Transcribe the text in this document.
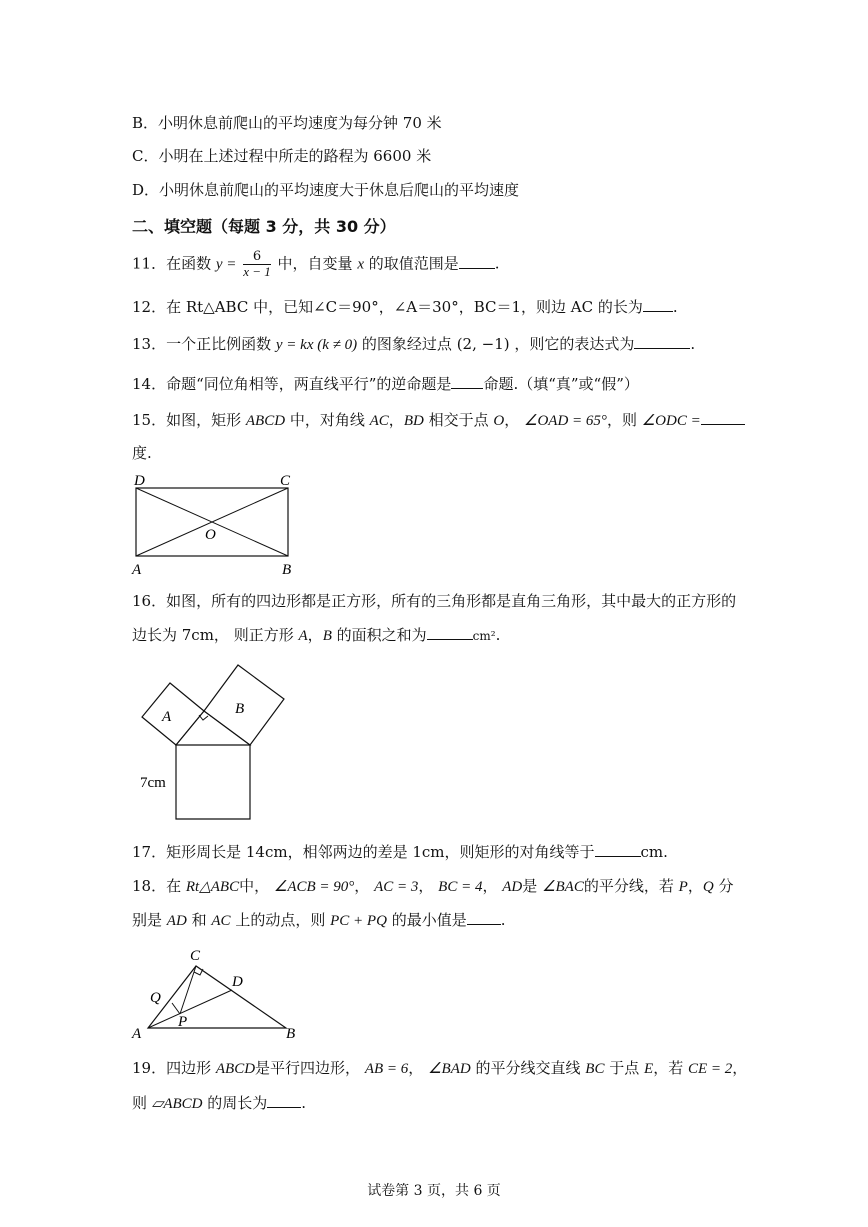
B．小明休息前爬山的平均速度为每分钟 70 米
C．小明在上述过程中所走的路程为 6600 米
D．小明休息前爬山的平均速度大于休息后爬山的平均速度
二、填空题（每题 3 分，共 30 分）
11．在函数 $y = \frac{6}{x - 1}$ 中，自变量 x 的取值范围是 .
12．在 Rt△ABC 中，已知∠C＝90°，∠A＝30°，BC＝1，则边 AC 的长为 .
13．一个正比例函数 y = kx (k ≠ 0) 的图象经过点 (2, −1) ，则它的表达式为	.
14．命题“同位角相等，两直线平行”的逆命题是 命题.（填“真”或“假”）
15．如图，矩形 ABCD 中，对角线 AC，BD 相交于点 O， ∠OAD = 65°，则 ∠ODC =
度.
D	C
A	B
O
16．如图，所有的四边形都是正方形，所有的三角形都是直角三角形，其中最大的正方形的
边长为 7cm， 则正方形 A，B 的面积之和为	cm².
A	B
7cm
17．矩形周长是 14cm，相邻两边的差是 1cm，则矩形的对角线等于	cm.
18．在 Rt△ABC中， ∠ACB = 90°， AC = 3， BC = 4， AD是 ∠BAC的平分线，若 P，Q 分
别是 AD 和 AC 上的动点，则 PC + PQ 的最小值是 .
C
D
Q
P
A	B
19．四边形 ABCD是平行四边形， AB = 6， ∠BAD 的平分线交直线 BC 于点 E，若 CE = 2，
则 ▱ABCD 的周长为 .
试卷第 3 页，共 6 页
